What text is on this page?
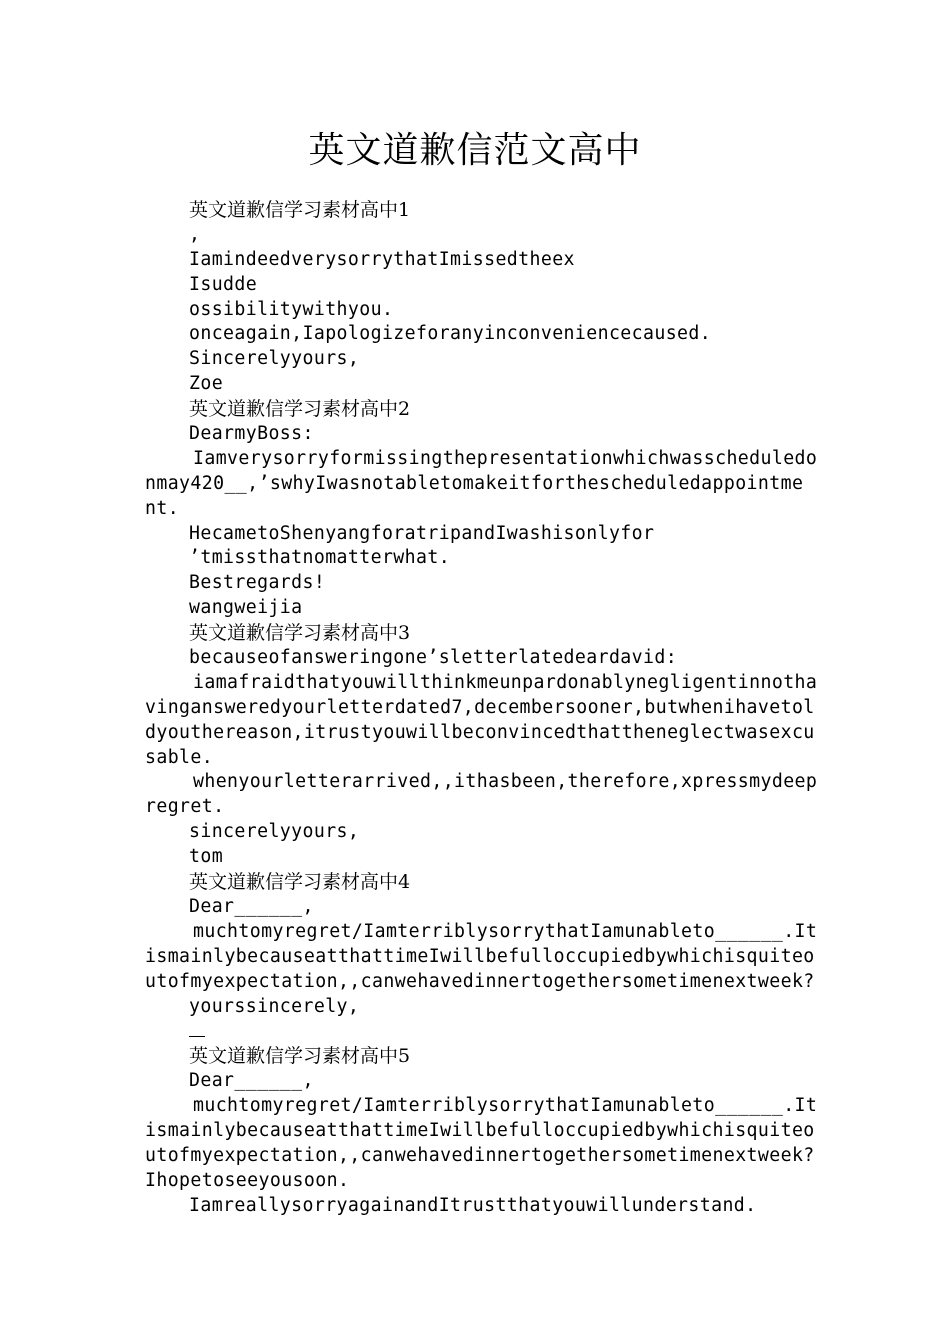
英文道歉信范文高中
英文道歉信学习素材高中1
,
IamindeedverysorrythatImissedtheex
Isudde
ossibilitywithyou.
onceagain,Iapologizeforanyinconveniencecaused.
Sincerelyyours,
Zoe
英文道歉信学习素材高中2
DearmyBoss:
Iamverysorryformissingthepresentationwhichwasscheduledo
nmay420__,’swhyIwasnotabletomakeitforthescheduledappointme
nt.
HecametoShenyangforatripandIwashisonlyfor
’tmissthatnomatterwhat.
Bestregards!
wangweijia
英文道歉信学习素材高中3
becauseofansweringone’sletterlatedeardavid:
iamafraidthatyouwillthinkmeunpardonablynegligentinnotha
vingansweredyourletterdated7,decembersooner,butwhenihavetol
dyouthereason,itrustyouwillbeconvincedthattheneglectwasexcu
sable.
whenyourletterarrived,,ithasbeen,therefore,xpressmydeep
regret.
sincerelyyours,
tom
英文道歉信学习素材高中4
Dear______,
muchtomyregret/IamterriblysorrythatIamunableto______.It
ismainlybecauseatthattimeIwillbefulloccupiedbywhichisquiteo
utofmyexpectation,,canwehavedinnertogethersometimenextweek?
yourssincerely,
英文道歉信学习素材高中5
Dear______,
muchtomyregret/IamterriblysorrythatIamunableto______.It
ismainlybecauseatthattimeIwillbefulloccupiedbywhichisquiteo
utofmyexpectation,,canwehavedinnertogethersometimenextweek?
Ihopetoseeyousoon.
IamreallysorryagainandItrustthatyouwillunderstand.
